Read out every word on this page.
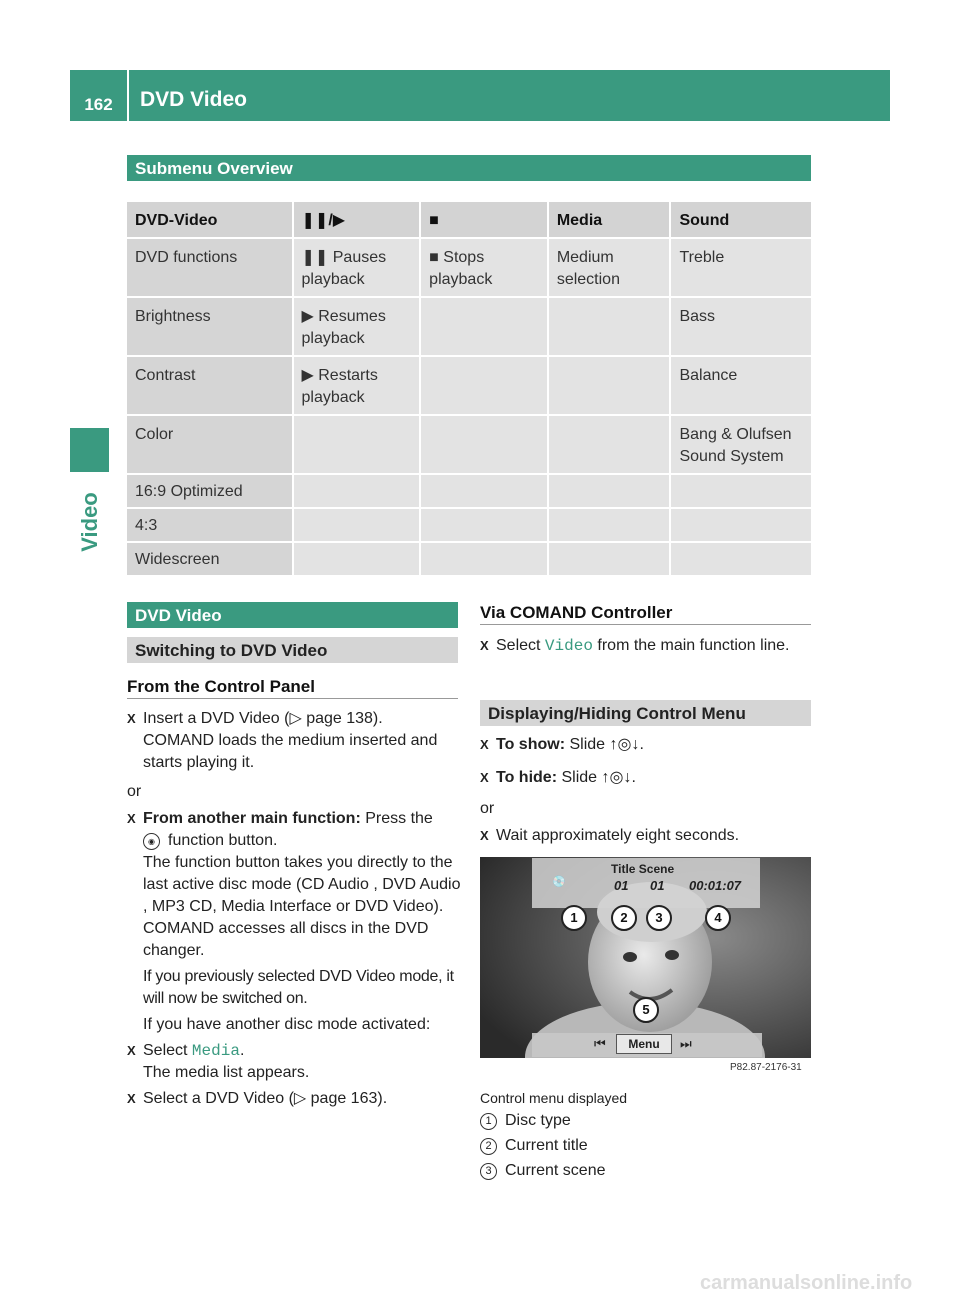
162	DVD Video
Video
Submenu Overview
DVD-Video	❚❚/▶	■	Media	Sound
DVD functions	❚❚ Pauses playback	■ Stops playback	Medium selection	Treble
Brightness	▶ Resumes playback			Bass
Contrast	▶ Restarts playback			Balance
Color				Bang & Olufsen Sound System
16:9 Optimized				
4:3				
Widescreen				
DVD Video
Switching to DVD Video
From the Control Panel
X Insert a DVD Video (▷ page 138).
COMAND loads the medium inserted and starts playing it.
or
X From another main function: Press the
◉ function button.
The function button takes you directly to the last active disc mode (CD Audio , DVD Audio , MP3 CD, Media Interface or DVD Video). COMAND accesses all discs in the DVD changer.
If you previously selected DVD Video mode, it will now be switched on.
If you have another disc mode activated:
X Select Media.
The media list appears.
X Select a DVD Video (▷ page 163).
Via COMAND Controller
X Select Video from the main function line.
Displaying/Hiding Control Menu
X To show: Slide ↑◎↓.
X To hide: Slide ↑◎↓.
or
X Wait approximately eight seconds.
💿
Title Scene
01 01 00:01:07
1	2	3	4
5
⏮	Menu	⏭
P82.87-2176-31
Control menu displayed
1 Disc type
2 Current title
3 Current scene
carmanualsonline.info
